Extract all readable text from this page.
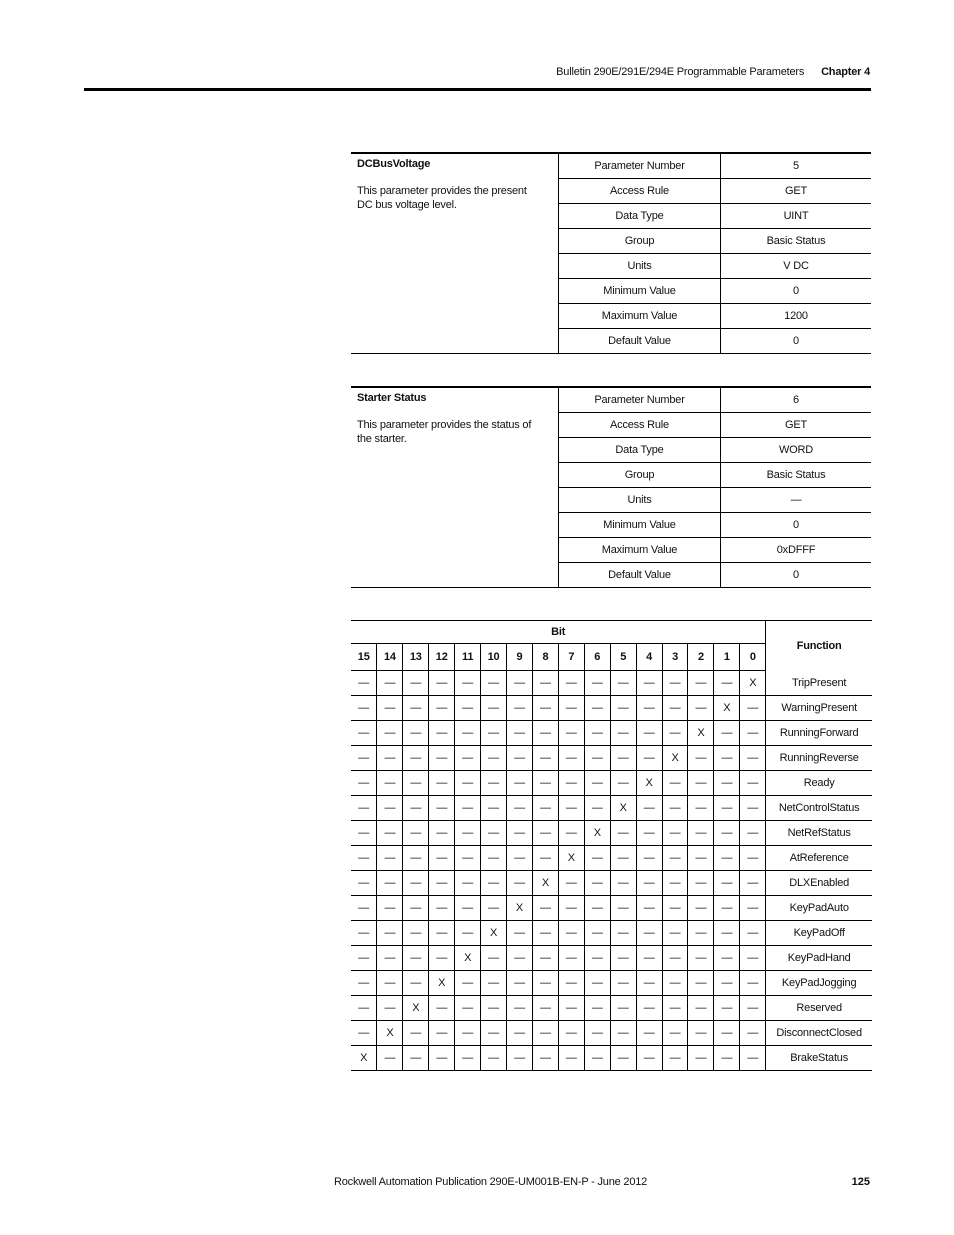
Bulletin 290E/291E/294E Programmable Parameters Chapter 4
DCBusVoltage
This parameter provides the present DC bus voltage level.	Parameter Number	5
	Access Rule	GET
	Data Type	UINT
	Group	Basic Status
	Units	V DC
	Minimum Value	0
	Maximum Value	1200
	Default Value	0
Starter Status
This parameter provides the status of the starter.	Parameter Number	6
	Access Rule	GET
	Data Type	WORD
	Group	Basic Status
	Units	—
	Minimum Value	0
	Maximum Value	0xDFFF
	Default Value	0
Bit																Function
15	14	13	12	11	10	9	8	7	6	5	4	3	2	1	0	
—	—	—	—	—	—	—	—	—	—	—	—	—	—	—	X	TripPresent
—	—	—	—	—	—	—	—	—	—	—	—	—	—	X	—	WarningPresent
—	—	—	—	—	—	—	—	—	—	—	—	—	X	—	—	RunningForward
—	—	—	—	—	—	—	—	—	—	—	—	X	—	—	—	RunningReverse
—	—	—	—	—	—	—	—	—	—	—	X	—	—	—	—	Ready
—	—	—	—	—	—	—	—	—	—	X	—	—	—	—	—	NetControlStatus
—	—	—	—	—	—	—	—	—	X	—	—	—	—	—	—	NetRefStatus
—	—	—	—	—	—	—	—	X	—	—	—	—	—	—	—	AtReference
—	—	—	—	—	—	—	X	—	—	—	—	—	—	—	—	DLXEnabled
—	—	—	—	—	—	X	—	—	—	—	—	—	—	—	—	KeyPadAuto
—	—	—	—	—	X	—	—	—	—	—	—	—	—	—	—	KeyPadOff
—	—	—	—	X	—	—	—	—	—	—	—	—	—	—	—	KeyPadHand
—	—	—	X	—	—	—	—	—	—	—	—	—	—	—	—	KeyPadJogging
—	—	X	—	—	—	—	—	—	—	—	—	—	—	—	—	Reserved
—	X	—	—	—	—	—	—	—	—	—	—	—	—	—	—	DisconnectClosed
X	—	—	—	—	—	—	—	—	—	—	—	—	—	—	—	BrakeStatus
Rockwell Automation Publication 290E-UM001B-EN-P - June 2012	125
